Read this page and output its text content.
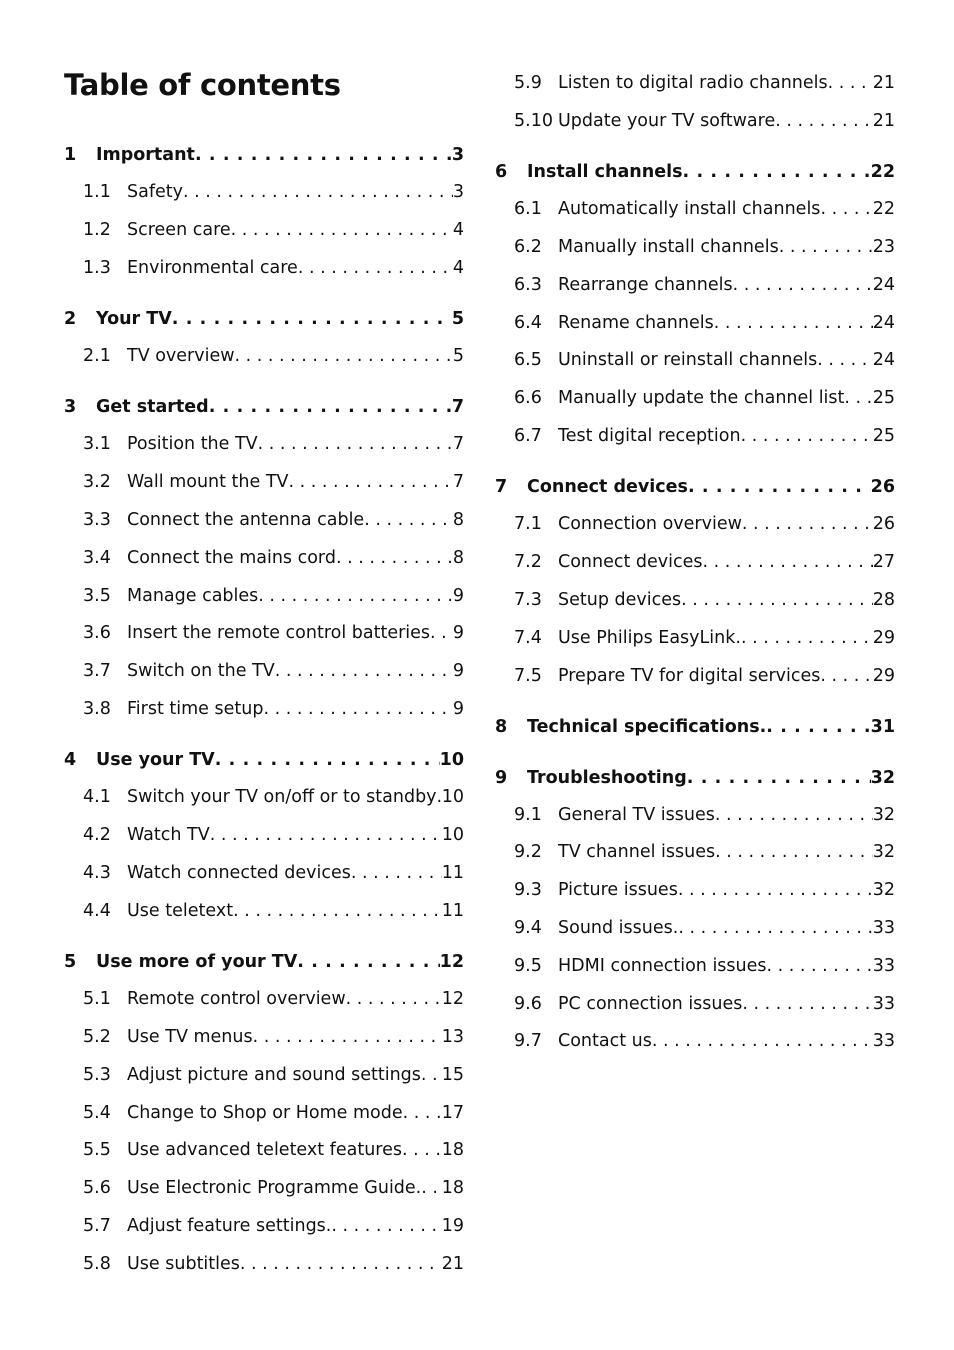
Table of contents
1	Important . . .	3
1.1 Safety . . .	3
1.2 Screen care . . .	4
1.3 Environmental care . . .	4
2	Your TV . . .	5
2.1 TV overview . . .	5
3	Get started . . .	7
3.1 Position the TV . . .	7
3.2 Wall mount the TV . . .	7
3.3 Connect the antenna cable . . .	8
3.4 Connect the mains cord . . .	8
3.5 Manage cables . . .	9
3.6 Insert the remote control batteries . . . 9
3.7 Switch on the TV . . .	9
3.8 First time setup . . .	9
4	Use your TV . . .	10
4.1 Switch your TV on/off or to standby . . . 10
4.2 Watch TV . . .	10
4.3 Watch connected devices . . .	11
4.4 Use teletext . . .	11
5	Use more of your TV . . .	12
5.1 Remote control overview . . .	12
5.2 Use TV menus . . .	13
5.3 Adjust picture and sound settings . . . 15
5.4 Change to Shop or Home mode . . . 17
5.5 Use advanced teletext features . . . 18
5.6 Use Electronic Programme Guide. . . . 18
5.7 Adjust feature settings. . . .	19
5.8 Use subtitles . . .	21
5.9 Listen to digital radio channels . . .	21
5.10 Update your TV software . . .	21
6	Install channels . . .	22
6.1 Automatically install channels . . .	22
6.2 Manually install channels . . .	23
6.3 Rearrange channels . . .	24
6.4 Rename channels . . .	24
6.5 Uninstall or reinstall channels . . .	24
6.6 Manually update the channel list . . . 25
6.7 Test digital reception . . .	25
7	Connect devices . . .	26
7.1 Connection overview . . .	26
7.2 Connect devices . . .	27
7.3 Setup devices . . .	28
7.4 Use Philips EasyLink. . . .	29
7.5 Prepare TV for digital services . . .	29
8	Technical specifications. . . .	31
9	Troubleshooting . . .	32
9.1 General TV issues . . .	32
9.2 TV channel issues . . .	32
9.3 Picture issues . . .	32
9.4 Sound issues. . . .	33
9.5 HDMI connection issues . . .	33
9.6 PC connection issues . . .	33
9.7 Contact us . . .	33
